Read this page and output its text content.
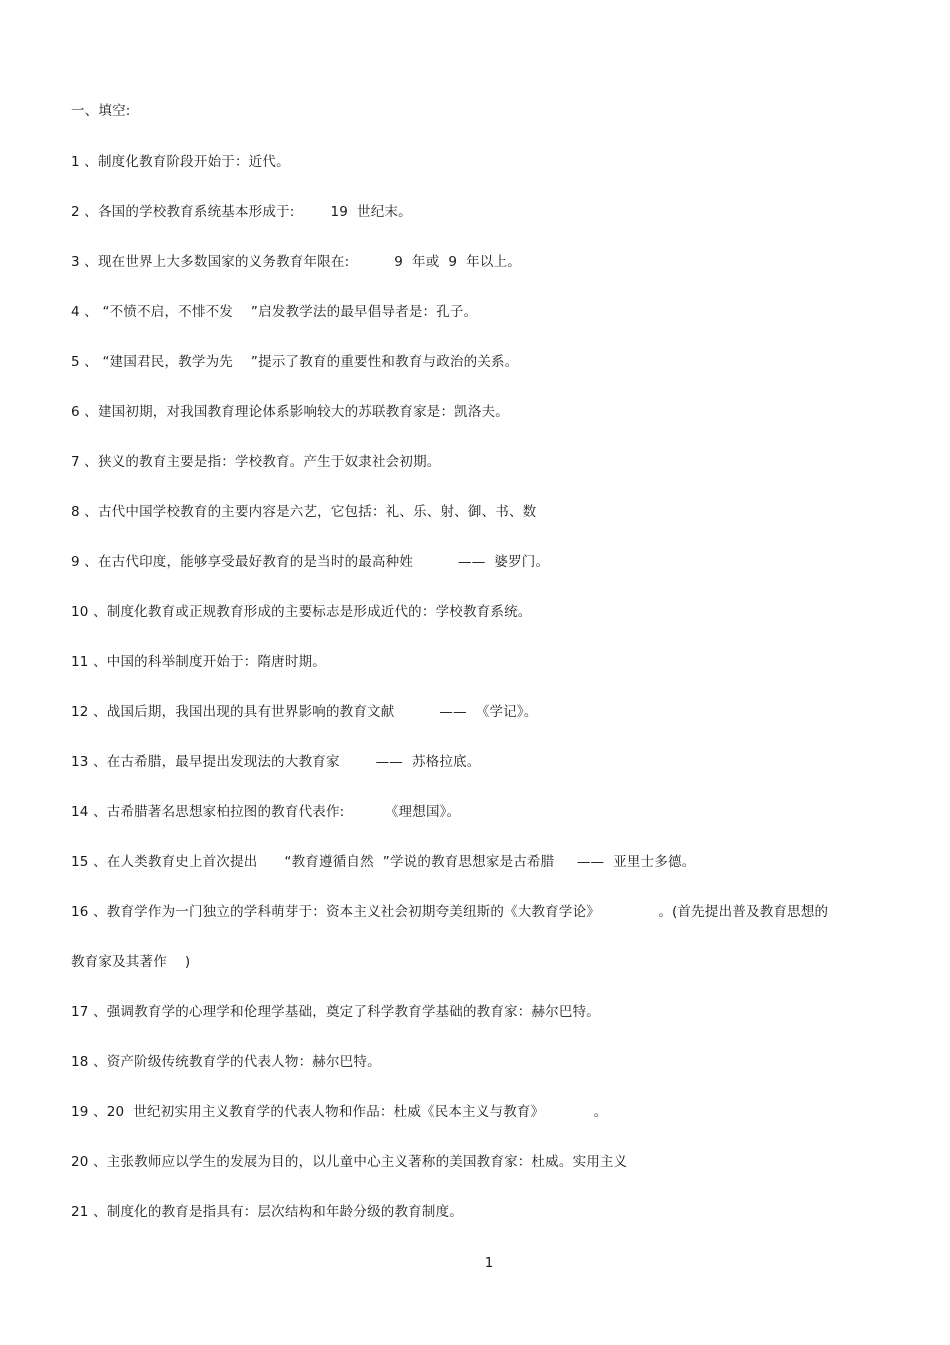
一、填空:
1 、制度化教育阶段开始于：近代。
2 、各国的学校教育系统基本形成于:        19  世纪末。
3 、现在世界上大多数国家的义务教育年限在:          9  年或  9  年以上。
4 、 “不愤不启，不悱不发    ”启发教学法的最早倡导者是：孔子。
5 、 “建国君民，教学为先    ”提示了教育的重要性和教育与政治的关系。
6 、建国初期，对我国教育理论体系影响较大的苏联教育家是：凯洛夫。
7 、狭义的教育主要是指：学校教育。产生于奴隶社会初期。
8 、古代中国学校教育的主要内容是六艺，它包括：礼、乐、射、御、书、数
9 、在古代印度，能够享受最好教育的是当时的最高种姓          ——  婆罗门。
10 、制度化教育或正规教育形成的主要标志是形成近代的：学校教育系统。
11 、中国的科举制度开始于：隋唐时期。
12 、战国后期，我国出现的具有世界影响的教育文献          ——  《学记》。
13 、在古希腊，最早提出发现法的大教育家        ——  苏格拉底。
14 、古希腊著名思想家柏拉图的教育代表作:         《理想国》。
15 、在人类教育史上首次提出      “教育遵循自然  ”学说的教育思想家是古希腊     ——  亚里士多德。
16 、教育学作为一门独立的学科萌芽于：资本主义社会初期夸美纽斯的《大教育学论》             。(首先提出普及教育思想的
教育家及其著作    )
17 、强调教育学的心理学和伦理学基础，奠定了科学教育学基础的教育家：赫尔巴特。
18 、资产阶级传统教育学的代表人物：赫尔巴特。
19 、20  世纪初实用主义教育学的代表人物和作品：杜威《民本主义与教育》           。
20 、主张教师应以学生的发展为目的，以儿童中心主义著称的美国教育家：杜威。实用主义
21 、制度化的教育是指具有：层次结构和年龄分级的教育制度。
1
